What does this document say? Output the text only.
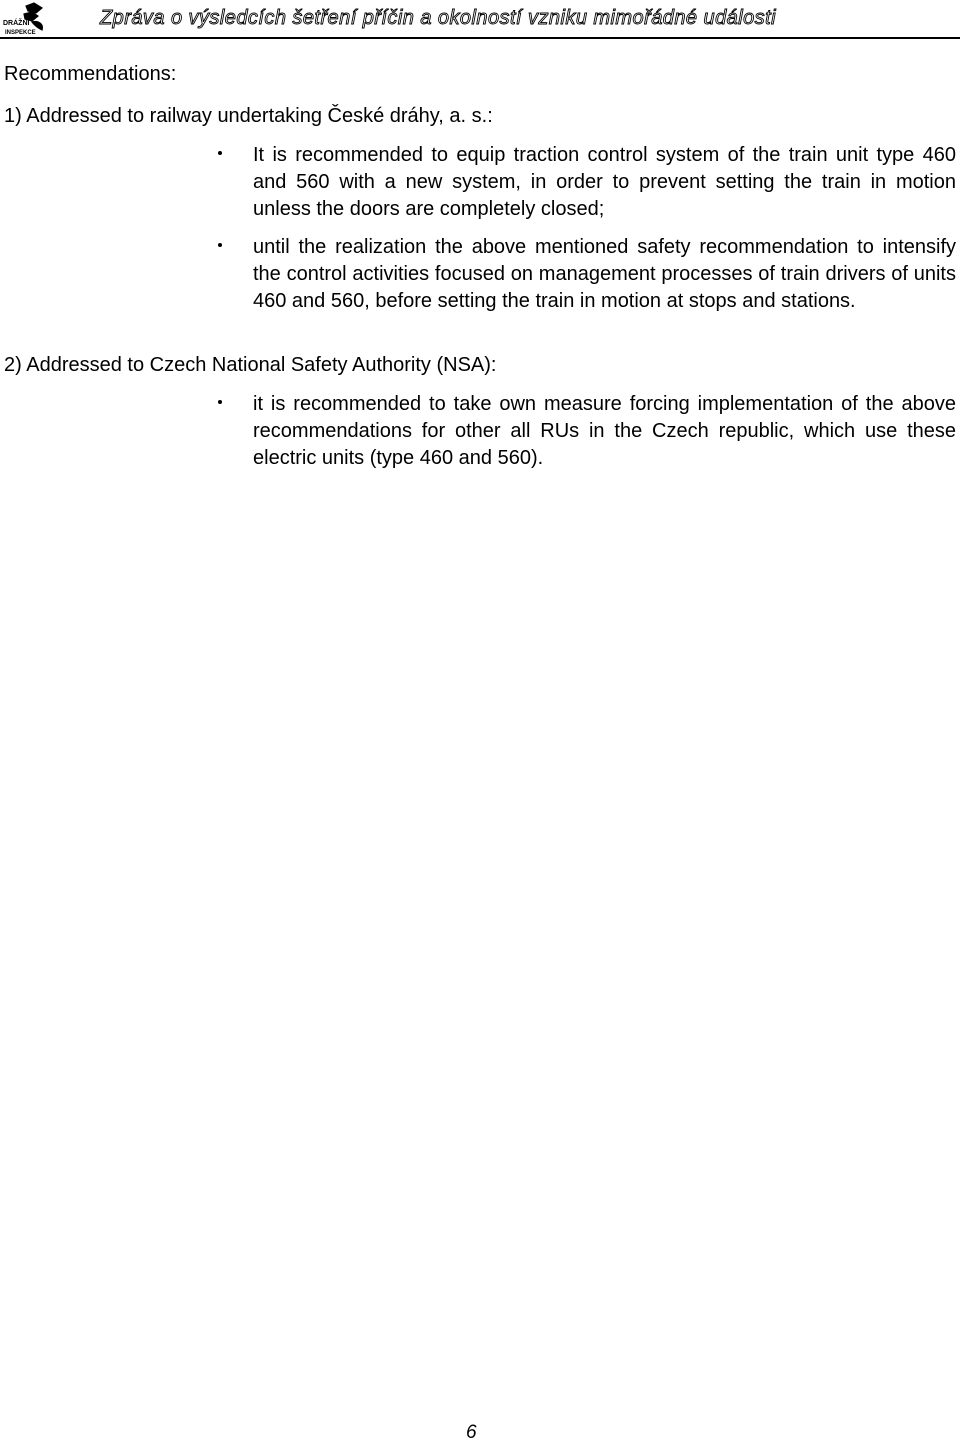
DRÁŽNÍ
INSPEKCE
Zpráva o výsledcích šetření příčin a okolností vzniku mimořádné události
Recommendations:
1) Addressed to railway undertaking České dráhy, a. s.:
It is recommended to equip traction control system of the train unit type 460 and 560 with a new system, in order to prevent setting the train in motion unless the doors are completely closed;
until the realization the above mentioned safety recommendation to intensify the control activities focused on management processes of train drivers of units 460 and 560, before setting the train in motion at stops and stations.
2) Addressed to Czech National Safety Authority (NSA):
it is recommended to take own measure forcing implementation of the above recommendations for other all RUs in the Czech republic, which use these electric units (type 460 and 560).
6
